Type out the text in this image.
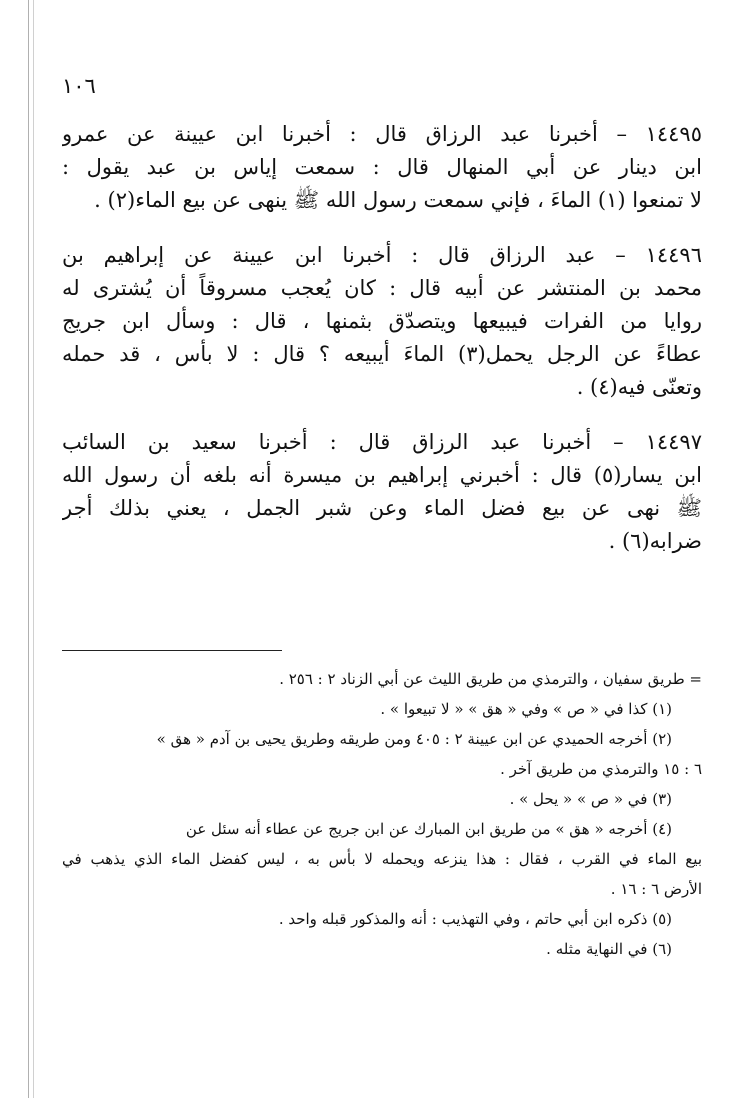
١٠٦
١٤٤٩٥ – أخبرنا عبد الرزاق قال : أخبرنا ابن عيينة عن عمرو
ابن دينار عن أبي المنهال قال : سمعت إياس بن عبد يقول :
لا تمنعوا (١) الماءَ ، فإني سمعت رسول الله ﷺ ينهى عن بيع الماء(٢) .
١٤٤٩٦ – عبد الرزاق قال : أخبرنا ابن عيينة عن إبراهيم بن
محمد بن المنتشر عن أبيه قال : كان يُعجب مسروقاً أن يُشترى له
روايا من الفرات فيبيعها ويتصدّق بثمنها ، قال : وسأل ابن جريج
عطاءً عن الرجل يحمل(٣) الماءَ أيبيعه ؟ قال : لا بأس ، قد حمله
وتعنّى فيه(٤) .
١٤٤٩٧ – أخبرنا عبد الرزاق قال : أخبرنا سعيد بن السائب
ابن يسار(٥) قال : أخبرني إبراهيم بن ميسرة أنه بلغه أن رسول الله
ﷺ نهى عن بيع فضل الماء وعن شبر الجمل ، يعني بذلك أجر
ضرابه(٦) .
= طريق سفيان ، والترمذي من طريق الليث عن أبي الزناد ٢ : ٢٥٦ .
(١) كذا في « ص » وفي « هق » « لا تبيعوا » .
(٢) أخرجه الحميدي عن ابن عيينة ٢ : ٤٠٥ ومن طريقه وطريق يحيى بن آدم « هق »
٦ : ١٥ والترمذي من طريق آخر .
(٣) في « ص » « يحل » .
(٤) أخرجه « هق » من طريق ابن المبارك عن ابن جريج عن عطاء أنه سئل عن
بيع الماء في القرب ، فقال : هذا ينزعه ويحمله لا بأس به ، ليس كفضل الماء الذي يذهب في
الأرض ٦ : ١٦ .
(٥) ذكره ابن أبي حاتم ، وفي التهذيب : أنه والمذكور قبله واحد .
(٦) في النهاية مثله .
